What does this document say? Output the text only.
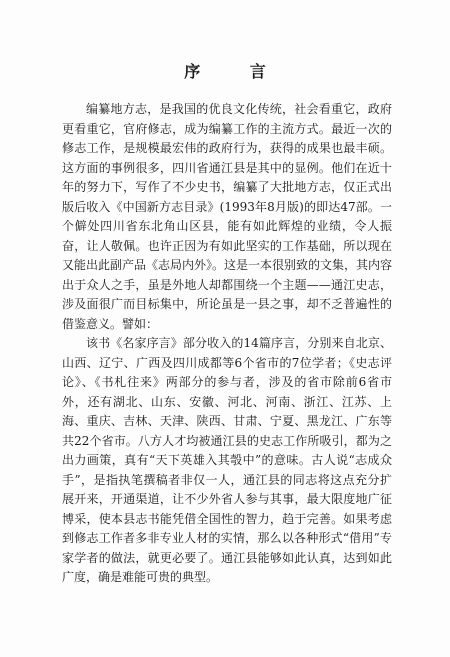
序 言

编纂地方志，是我国的优良文化传统，社会看重它，政府更看重它，官府修志，成为编纂工作的主流方式。最近一次的修志工作，是规模最宏伟的政府行为，获得的成果也最丰硕。这方面的事例很多，四川省通江县是其中的显例。他们在近十年的努力下，写作了不少史书，编纂了大批地方志，仅正式出版后收入《中国新方志目录》(1993年8月版)的即达47部。一个僻处四川省东北角山区县，能有如此辉煌的业绩，令人振奋，让人敬佩。也许正因为有如此坚实的工作基础，所以现在又能出此副产品《志局内外》。这是一本很别致的文集，其内容出于众人之手，虽是外地人却都围绕一个主题——通江史志，涉及面很广而目标集中，所论虽是一县之事，却不乏普遍性的借鉴意义。譬如：

该书《名家序言》部分收入的14篇序言，分别来自北京、山西、辽宁、广西及四川成都等6个省市的7位学者；《史志评论》、《书札往来》两部分的参与者，涉及的省市除前6省市外，还有湖北、山东、安徽、河北、河南、浙江、江苏、上海、重庆、吉林、天津、陕西、甘肃、宁夏、黑龙江、广东等共22个省市。八方人才均被通江县的史志工作所吸引，都为之出力画策，真有“天下英雄入其彀中”的意味。古人说“志成众手”，是指执笔撰稿者非仅一人，通江县的同志将这点充分扩展开来，开通渠道，让不少外省人参与其事，最大限度地广征博采，使本县志书能凭借全国性的智力，趋于完善。如果考虑到修志工作者多非专业人材的实情，那么以各种形式“借用”专家学者的做法，就更必要了。通江县能够如此认真，达到如此广度，确是难能可贵的典型。
